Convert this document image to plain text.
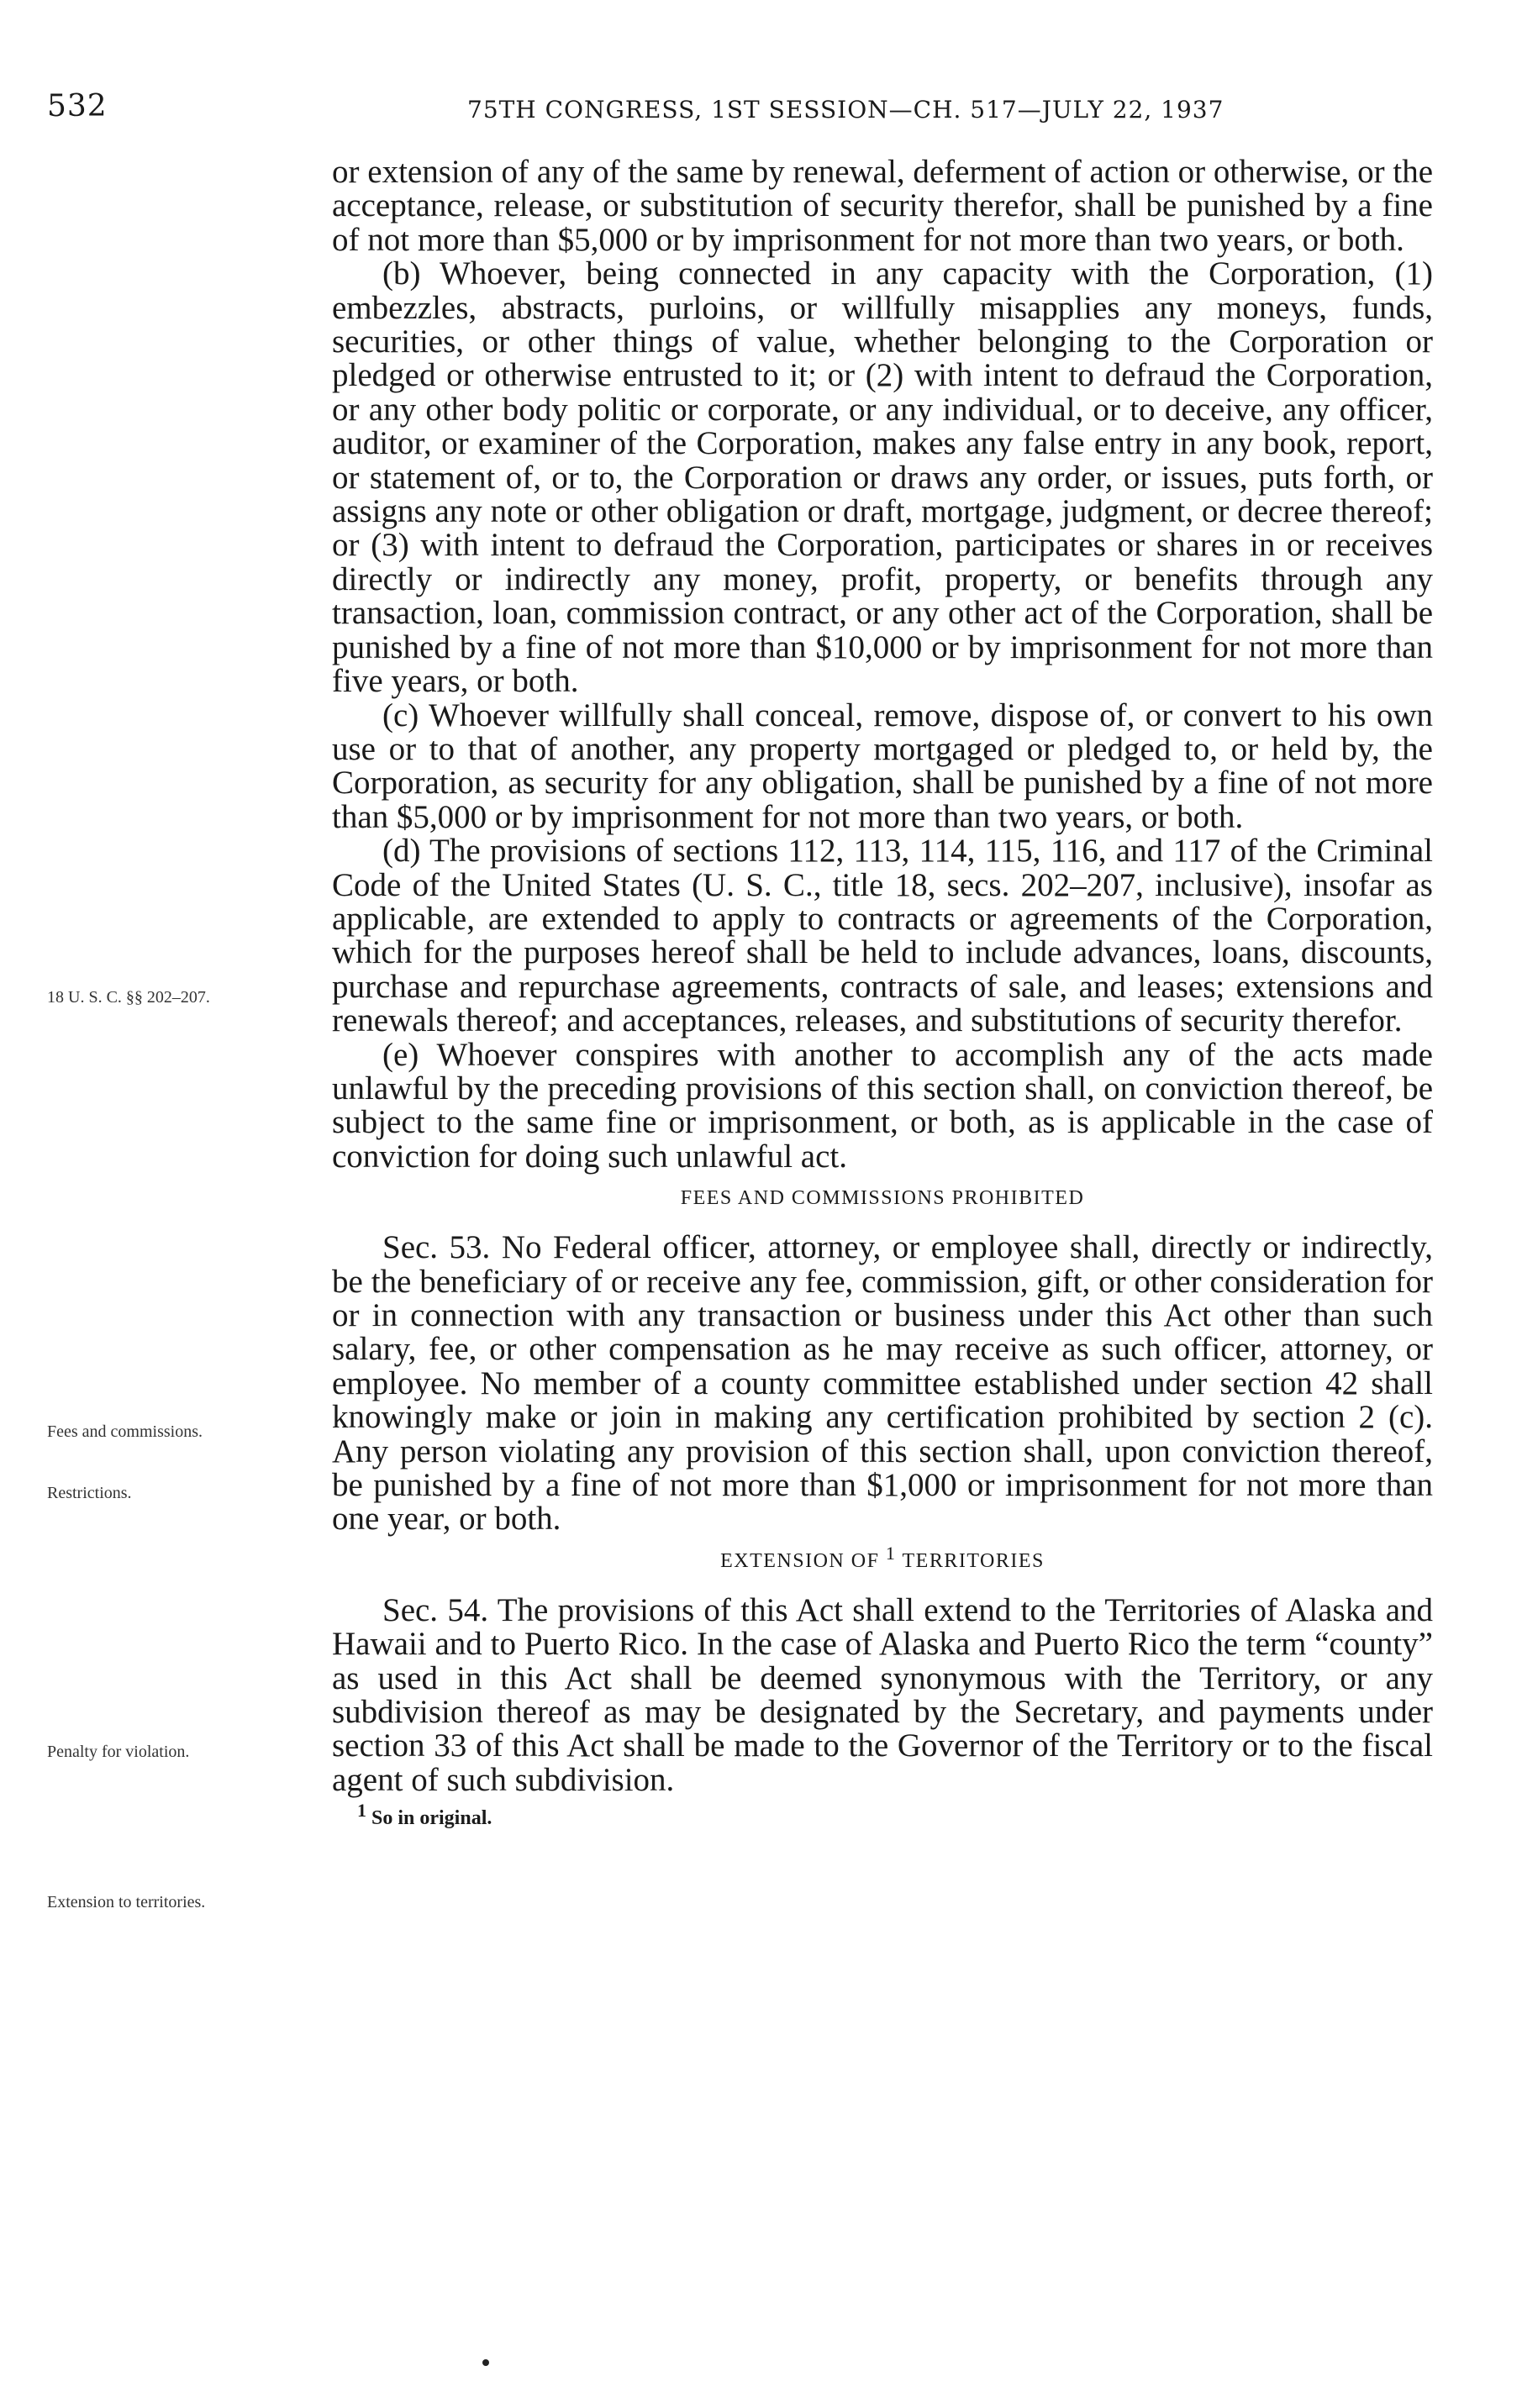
532	75TH CONGRESS, 1ST SESSION—CH. 517—JULY 22, 1937
18 U. S. C. §§ 202–207.
Fees and commissions.
Restrictions.
Penalty for violation.
Extension to territories.

or extension of any of the same by renewal, deferment of action or otherwise, or the acceptance, release, or substitution of security therefor, shall be punished by a fine of not more than $5,000 or by imprisonment for not more than two years, or both.

(b) Whoever, being connected in any capacity with the Corporation, (1) embezzles, abstracts, purloins, or willfully misapplies any moneys, funds, securities, or other things of value, whether belonging to the Corporation or pledged or otherwise entrusted to it; or (2) with intent to defraud the Corporation, or any other body politic or corporate, or any individual, or to deceive, any officer, auditor, or examiner of the Corporation, makes any false entry in any book, report, or statement of, or to, the Corporation or draws any order, or issues, puts forth, or assigns any note or other obligation or draft, mortgage, judgment, or decree thereof; or (3) with intent to defraud the Corporation, participates or shares in or receives directly or indirectly any money, profit, property, or benefits through any transaction, loan, commission contract, or any other act of the Corporation, shall be punished by a fine of not more than $10,000 or by imprisonment for not more than five years, or both.

(c) Whoever willfully shall conceal, remove, dispose of, or convert to his own use or to that of another, any property mortgaged or pledged to, or held by, the Corporation, as security for any obligation, shall be punished by a fine of not more than $5,000 or by imprisonment for not more than two years, or both.

(d) The provisions of sections 112, 113, 114, 115, 116, and 117 of the Criminal Code of the United States (U. S. C., title 18, secs. 202–207, inclusive), insofar as applicable, are extended to apply to contracts or agreements of the Corporation, which for the purposes hereof shall be held to include advances, loans, discounts, purchase and repurchase agreements, contracts of sale, and leases; extensions and renewals thereof; and acceptances, releases, and substitutions of security therefor.

(e) Whoever conspires with another to accomplish any of the acts made unlawful by the preceding provisions of this section shall, on conviction thereof, be subject to the same fine or imprisonment, or both, as is applicable in the case of conviction for doing such unlawful act.

FEES AND COMMISSIONS PROHIBITED

Sec. 53. No Federal officer, attorney, or employee shall, directly or indirectly, be the beneficiary of or receive any fee, commission, gift, or other consideration for or in connection with any transaction or business under this Act other than such salary, fee, or other compensation as he may receive as such officer, attorney, or employee. No member of a county committee established under section 42 shall knowingly make or join in making any certification prohibited by section 2 (c). Any person violating any provision of this section shall, upon conviction thereof, be punished by a fine of not more than $1,000 or imprisonment for not more than one year, or both.

EXTENSION OF 1 TERRITORIES

Sec. 54. The provisions of this Act shall extend to the Territories of Alaska and Hawaii and to Puerto Rico. In the case of Alaska and Puerto Rico the term “county” as used in this Act shall be deemed synonymous with the Territory, or any subdivision thereof as may be designated by the Secretary, and payments under section 33 of this Act shall be made to the Governor of the Territory or to the fiscal agent of such subdivision.

1 So in original.
